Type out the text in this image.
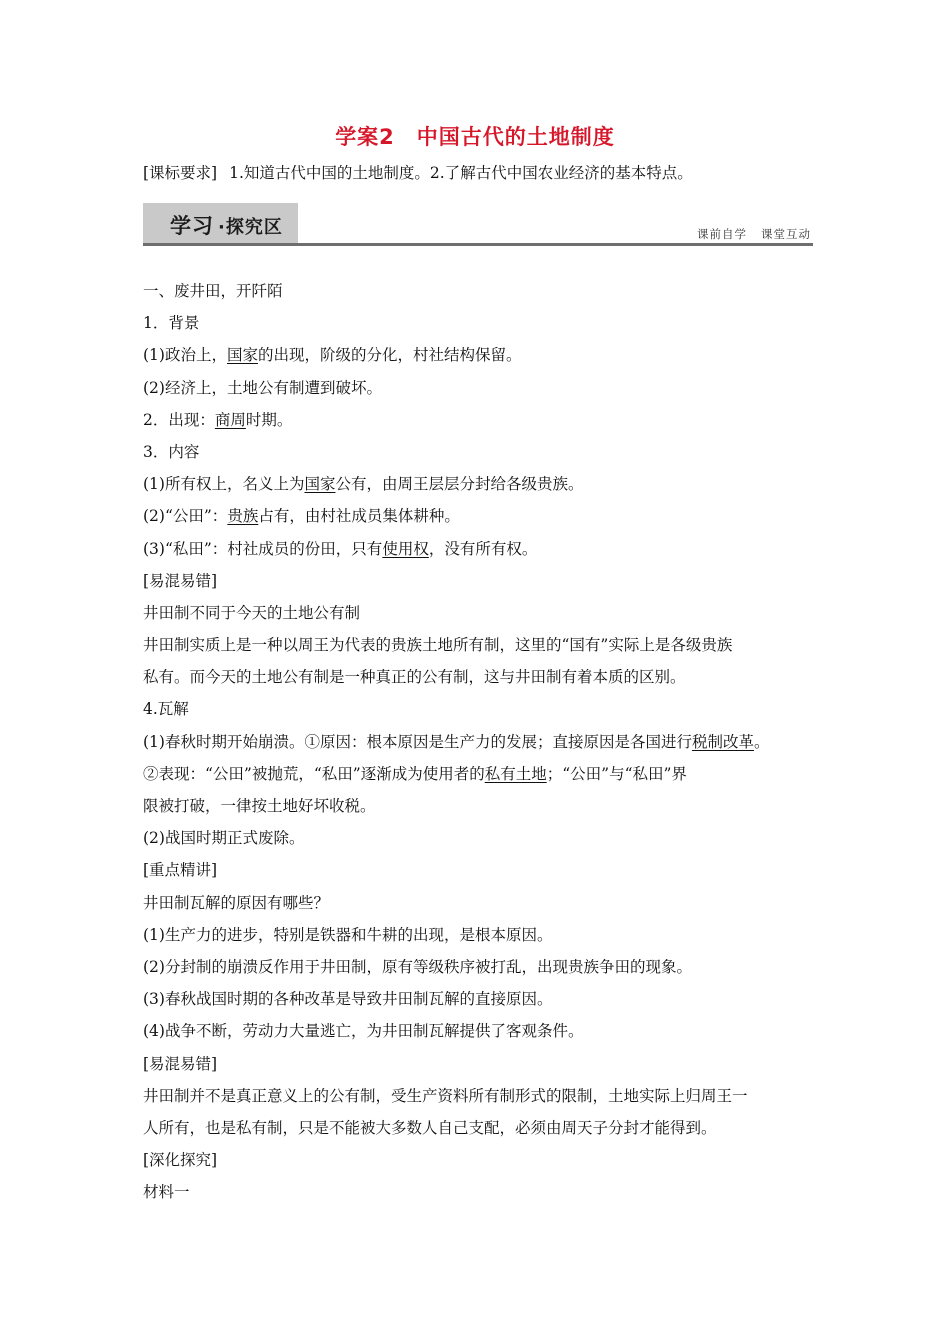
学案2　中国古代的土地制度
[课标要求] 1.知道古代中国的土地制度。2.了解古代中国农业经济的基本特点。
学习 ·探究区	课前自学 课堂互动
一、废井田，开阡陌
1．背景
(1)政治上，国家的出现，阶级的分化，村社结构保留。
(2)经济上，土地公有制遭到破坏。
2．出现：商周时期。
3．内容
(1)所有权上，名义上为国家公有，由周王层层分封给各级贵族。
(2)“公田”：贵族占有，由村社成员集体耕种。
(3)“私田”：村社成员的份田，只有使用权，没有所有权。
[易混易错]
井田制不同于今天的土地公有制
井田制实质上是一种以周王为代表的贵族土地所有制，这里的“国有”实际上是各级贵族
私有。而今天的土地公有制是一种真正的公有制，这与井田制有着本质的区别。
4.瓦解
(1)春秋时期开始崩溃。①原因：根本原因是生产力的发展；直接原因是各国进行税制改革。
②表现：“公田”被抛荒，“私田”逐渐成为使用者的私有土地；“公田”与“私田”界
限被打破，一律按土地好坏收税。
(2)战国时期正式废除。
[重点精讲]
井田制瓦解的原因有哪些？
(1)生产力的进步，特别是铁器和牛耕的出现，是根本原因。
(2)分封制的崩溃反作用于井田制，原有等级秩序被打乱，出现贵族争田的现象。
(3)春秋战国时期的各种改革是导致井田制瓦解的直接原因。
(4)战争不断，劳动力大量逃亡，为井田制瓦解提供了客观条件。
[易混易错]
井田制并不是真正意义上的公有制，受生产资料所有制形式的限制，土地实际上归周王一
人所有，也是私有制，只是不能被大多数人自己支配，必须由周天子分封才能得到。
[深化探究]
材料一
